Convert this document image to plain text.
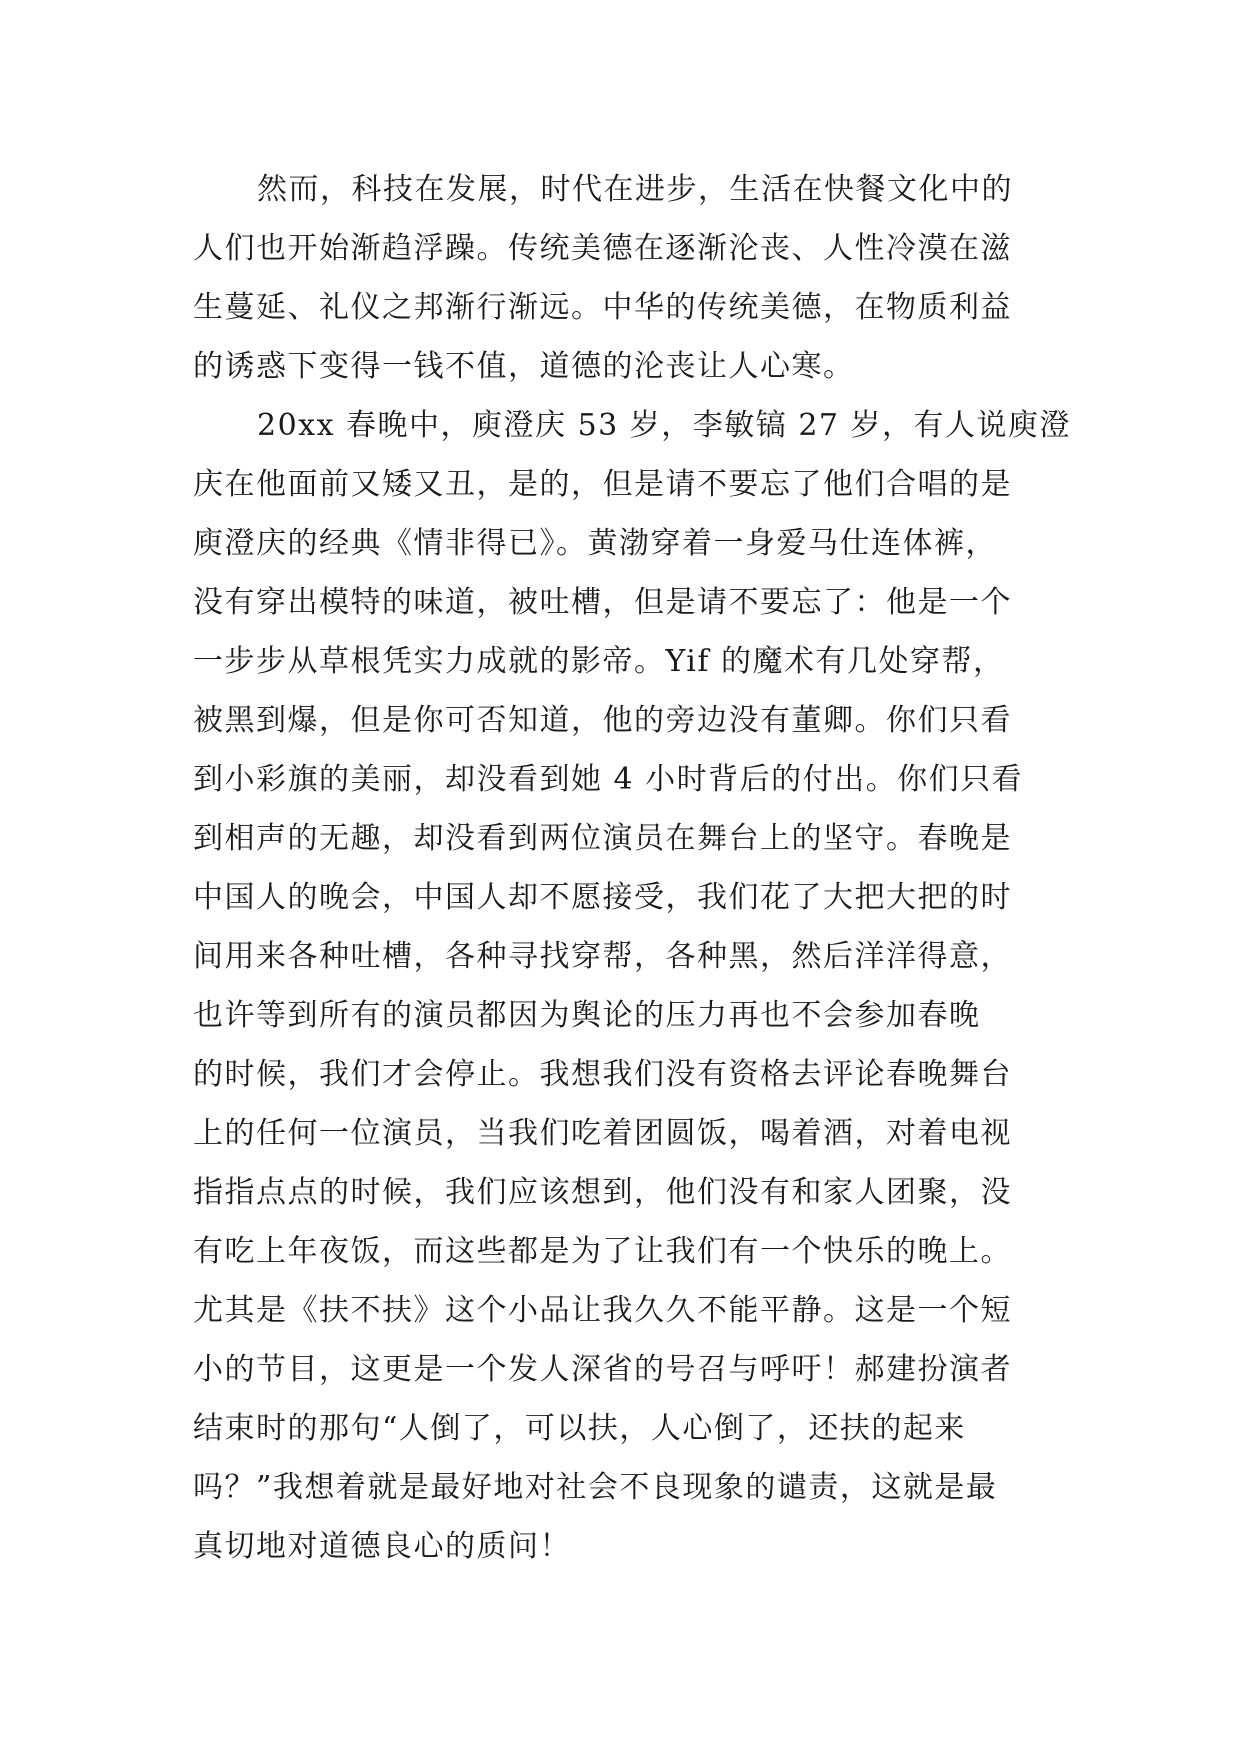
然而，科技在发展，时代在进步，生活在快餐文化中的
人们也开始渐趋浮躁。传统美德在逐渐沦丧、人性冷漠在滋
生蔓延、礼仪之邦渐行渐远。中华的传统美德，在物质利益
的诱惑下变得一钱不值，道德的沦丧让人心寒。
20xx 春晚中，庾澄庆 53 岁，李敏镐 27 岁，有人说庾澄
庆在他面前又矮又丑，是的，但是请不要忘了他们合唱的是
庾澄庆的经典《情非得已》。黄渤穿着一身爱马仕连体裤，
没有穿出模特的味道，被吐槽，但是请不要忘了：他是一个
一步步从草根凭实力成就的影帝。Yif 的魔术有几处穿帮，
被黑到爆，但是你可否知道，他的旁边没有董卿。你们只看
到小彩旗的美丽，却没看到她 4 小时背后的付出。你们只看
到相声的无趣，却没看到两位演员在舞台上的坚守。春晚是
中国人的晚会，中国人却不愿接受，我们花了大把大把的时
间用来各种吐槽，各种寻找穿帮，各种黑，然后洋洋得意，
也许等到所有的演员都因为舆论的压力再也不会参加春晚
的时候，我们才会停止。我想我们没有资格去评论春晚舞台
上的任何一位演员，当我们吃着团圆饭，喝着酒，对着电视
指指点点的时候，我们应该想到，他们没有和家人团聚，没
有吃上年夜饭，而这些都是为了让我们有一个快乐的晚上。
尤其是《扶不扶》这个小品让我久久不能平静。这是一个短
小的节目，这更是一个发人深省的号召与呼吁！郝建扮演者
结束时的那句“人倒了，可以扶，人心倒了，还扶的起来
吗？”我想着就是最好地对社会不良现象的谴责，这就是最
真切地对道德良心的质问！
